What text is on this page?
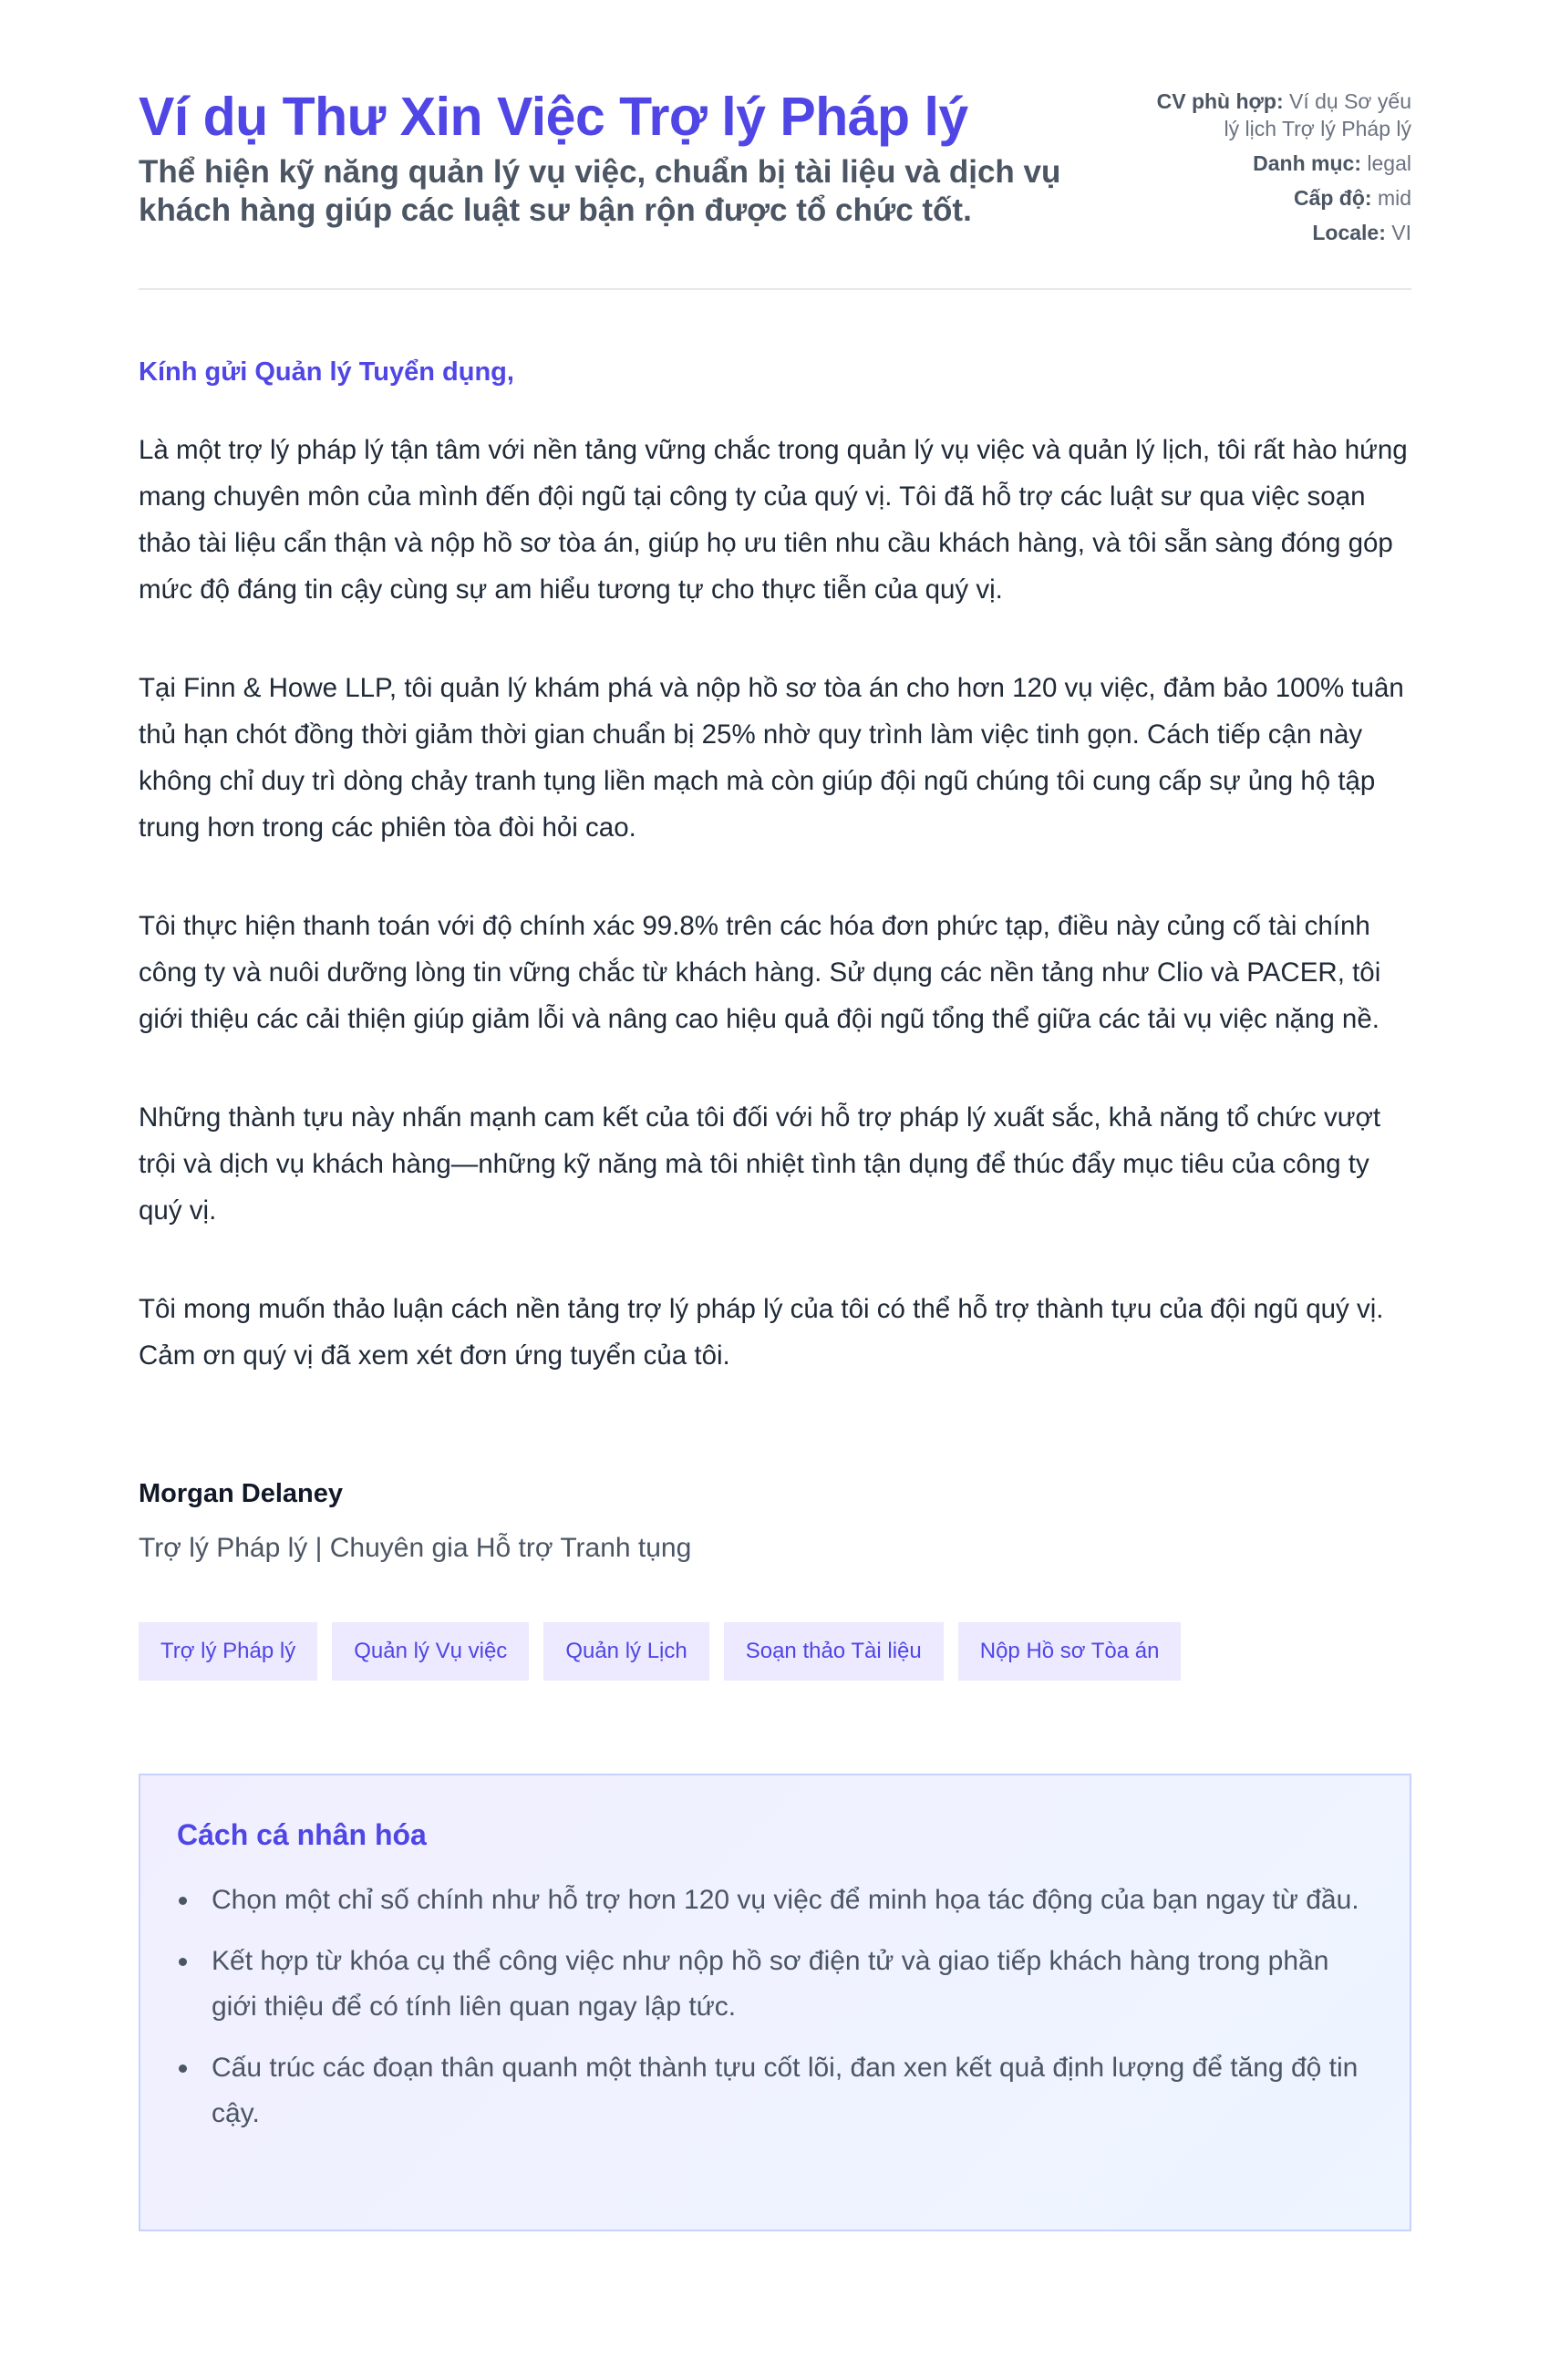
Ví dụ Thư Xin Việc Trợ lý Pháp lý

Thể hiện kỹ năng quản lý vụ việc, chuẩn bị tài liệu và dịch vụ khách hàng giúp các luật sư bận rộn được tổ chức tốt.

CV phù hợp: Ví dụ Sơ yếu lý lịch Trợ lý Pháp lý
Danh mục: legal
Cấp độ: mid
Locale: VI

Kính gửi Quản lý Tuyển dụng,

Là một trợ lý pháp lý tận tâm với nền tảng vững chắc trong quản lý vụ việc và quản lý lịch, tôi rất hào hứng mang chuyên môn của mình đến đội ngũ tại công ty của quý vị. Tôi đã hỗ trợ các luật sư qua việc soạn thảo tài liệu cẩn thận và nộp hồ sơ tòa án, giúp họ ưu tiên nhu cầu khách hàng, và tôi sẵn sàng đóng góp mức độ đáng tin cậy cùng sự am hiểu tương tự cho thực tiễn của quý vị.

Tại Finn & Howe LLP, tôi quản lý khám phá và nộp hồ sơ tòa án cho hơn 120 vụ việc, đảm bảo 100% tuân thủ hạn chót đồng thời giảm thời gian chuẩn bị 25% nhờ quy trình làm việc tinh gọn. Cách tiếp cận này không chỉ duy trì dòng chảy tranh tụng liền mạch mà còn giúp đội ngũ chúng tôi cung cấp sự ủng hộ tập trung hơn trong các phiên tòa đòi hỏi cao.

Tôi thực hiện thanh toán với độ chính xác 99.8% trên các hóa đơn phức tạp, điều này củng cố tài chính công ty và nuôi dưỡng lòng tin vững chắc từ khách hàng. Sử dụng các nền tảng như Clio và PACER, tôi giới thiệu các cải thiện giúp giảm lỗi và nâng cao hiệu quả đội ngũ tổng thể giữa các tải vụ việc nặng nề.

Những thành tựu này nhấn mạnh cam kết của tôi đối với hỗ trợ pháp lý xuất sắc, khả năng tổ chức vượt trội và dịch vụ khách hàng—những kỹ năng mà tôi nhiệt tình tận dụng để thúc đẩy mục tiêu của công ty quý vị.

Tôi mong muốn thảo luận cách nền tảng trợ lý pháp lý của tôi có thể hỗ trợ thành tựu của đội ngũ quý vị. Cảm ơn quý vị đã xem xét đơn ứng tuyển của tôi.

Morgan Delaney

Trợ lý Pháp lý | Chuyên gia Hỗ trợ Tranh tụng

Trợ lý Pháp lý	Quản lý Vụ việc	Quản lý Lịch	Soạn thảo Tài liệu	Nộp Hồ sơ Tòa án
Cách cá nhân hóa
Chọn một chỉ số chính như hỗ trợ hơn 120 vụ việc để minh họa tác động của bạn ngay từ đầu.
Kết hợp từ khóa cụ thể công việc như nộp hồ sơ điện tử và giao tiếp khách hàng trong phần giới thiệu để có tính liên quan ngay lập tức.
Cấu trúc các đoạn thân quanh một thành tựu cốt lõi, đan xen kết quả định lượng để tăng độ tin cậy.
